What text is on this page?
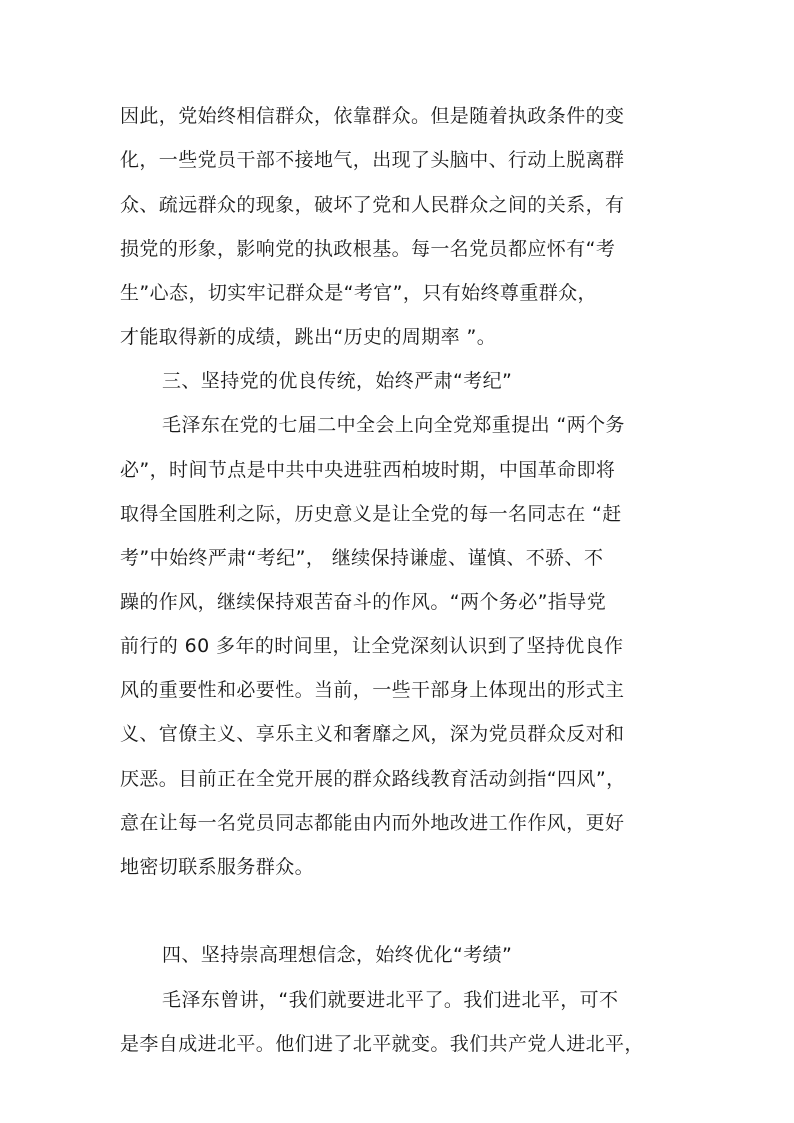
因此，党始终相信群众，依靠群众。但是随着执政条件的变
化，一些党员干部不接地气，出现了头脑中、行动上脱离群
众、疏远群众的现象，破坏了党和人民群众之间的关系，有
损党的形象，影响党的执政根基。每一名党员都应怀有“考
生”心态，切实牢记群众是“考官”，只有始终尊重群众，
才能取得新的成绩，跳出“历史的周期率 ”。
三、坚持党的优良传统，始终严肃“考纪”
毛泽东在党的七届二中全会上向全党郑重提出 “两个务
必”，时间节点是中共中央进驻西柏坡时期，中国革命即将
取得全国胜利之际，历史意义是让全党的每一名同志在 “赶
考”中始终严肃“考纪”， 继续保持谦虚、谨慎、不骄、不
躁的作风，继续保持艰苦奋斗的作风。“两个务必”指导党
前行的 60 多年的时间里，让全党深刻认识到了坚持优良作
风的重要性和必要性。当前，一些干部身上体现出的形式主
义、官僚主义、享乐主义和奢靡之风，深为党员群众反对和
厌恶。目前正在全党开展的群众路线教育活动剑指“四风”，
意在让每一名党员同志都能由内而外地改进工作作风，更好
地密切联系服务群众。
四、坚持崇高理想信念，始终优化“考绩”
毛泽东曾讲，“我们就要进北平了。我们进北平，可不
是李自成进北平。他们进了北平就变。我们共产党人进北平，
